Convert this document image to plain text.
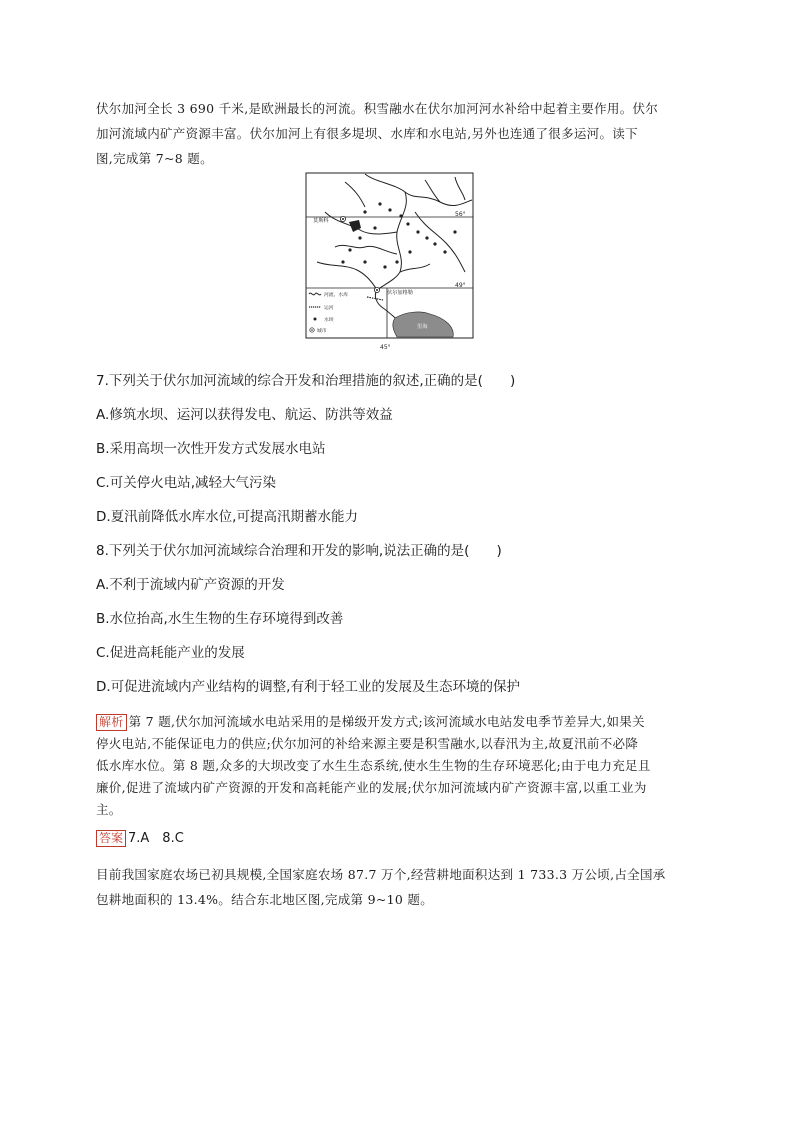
伏尔加河全长 3 690 千米,是欧洲最长的河流。积雪融水在伏尔加河河水补给中起着主要作用。伏尔
加河流域内矿产资源丰富。伏尔加河上有很多堤坝、水库和水电站,另外也连通了很多运河。读下
图,完成第 7~8 题。
莫斯科
伏尔加格勒
里海
河流、水库
运河
水坝
城市
56°
49°
45°
7.下列关于伏尔加河流域的综合开发和治理措施的叙述,正确的是(　　)
A.修筑水坝、运河以获得发电、航运、防洪等效益
B.采用高坝一次性开发方式发展水电站
C.可关停火电站,减轻大气污染
D.夏汛前降低水库水位,可提高汛期蓄水能力
8.下列关于伏尔加河流域综合治理和开发的影响,说法正确的是(　　)
A.不利于流域内矿产资源的开发
B.水位抬高,水生生物的生存环境得到改善
C.促进高耗能产业的发展
D.可促进流域内产业结构的调整,有利于轻工业的发展及生态环境的保护
解析 第 7 题,伏尔加河流域水电站采用的是梯级开发方式;该河流域水电站发电季节差异大,如果关
停火电站,不能保证电力的供应;伏尔加河的补给来源主要是积雪融水,以春汛为主,故夏汛前不必降
低水库水位。第 8 题,众多的大坝改变了水生生态系统,使水生生物的生存环境恶化;由于电力充足且
廉价,促进了流域内矿产资源的开发和高耗能产业的发展;伏尔加河流域内矿产资源丰富,以重工业为
主。
答案 7.A　8.C
目前我国家庭农场已初具规模,全国家庭农场 87.7 万个,经营耕地面积达到 1 733.3 万公顷,占全国承
包耕地面积的 13.4%。结合东北地区图,完成第 9~10 题。
